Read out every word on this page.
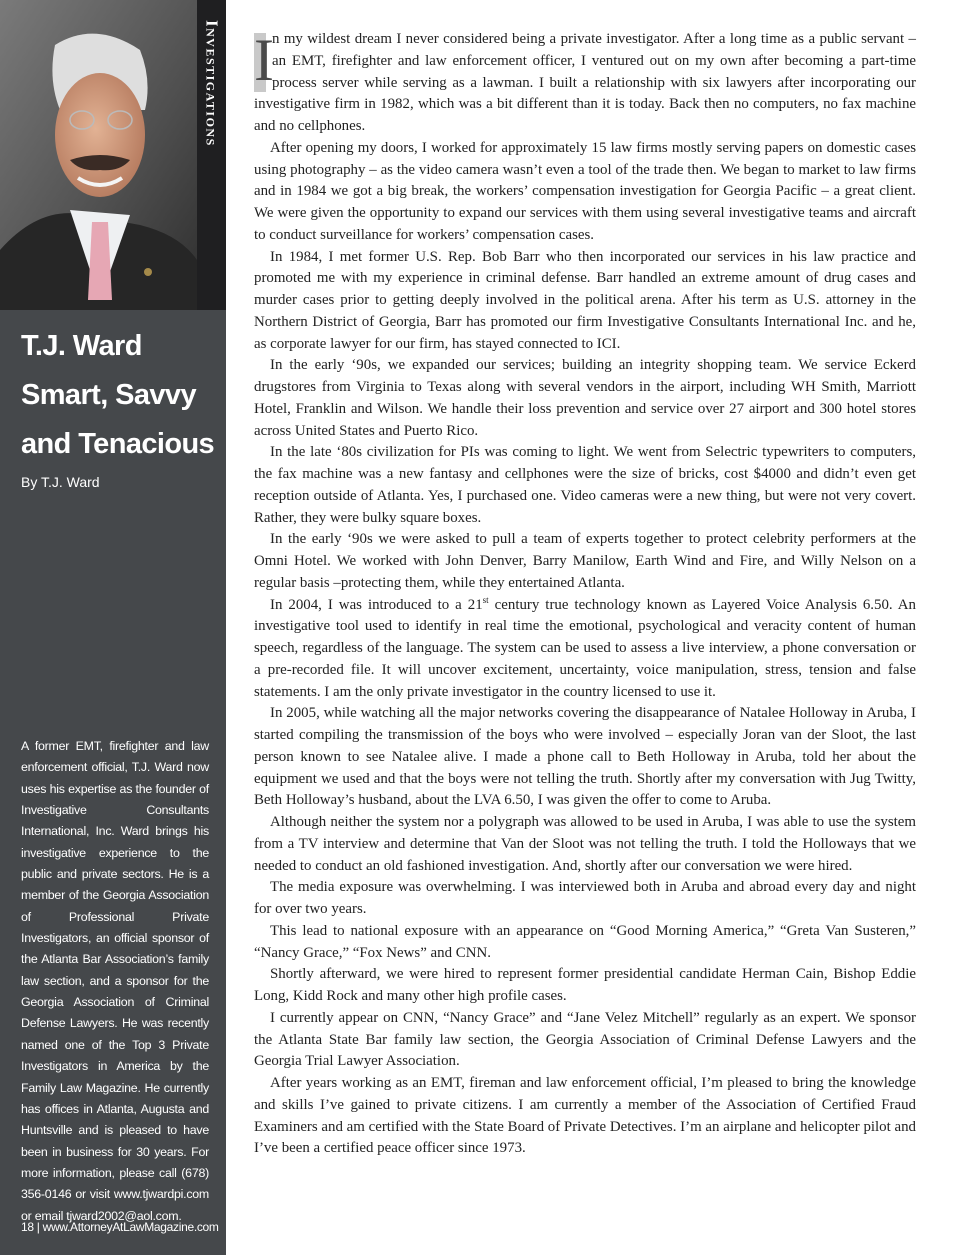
Investigations
T.J. Ward Smart, Savvy and Tenacious
By T.J. Ward

A former EMT, firefighter and law enforcement official, T.J. Ward now uses his expertise as the founder of Investigative Consultants International, Inc. Ward brings his investigative experience to the public and private sectors. He is a member of the Georgia Association of Professional Private Investigators, an official sponsor of the Atlanta Bar Association’s family law section, and a sponsor for the Georgia Association of Criminal Defense Lawyers. He was recently named one of the Top 3 Private Investigators in America by the Family Law Magazine. He currently has offices in Atlanta, Augusta and Huntsville and is pleased to have been in business for 30 years. For more information, please call (678) 356-0146 or visit www.tjwardpi.com or email tjward2002@aol.com.

18 | www.AttorneyAtLawMagazine.com

I
n my wildest dream I never considered being a private investigator. After a long time as a public servant – an EMT, firefighter and law enforcement officer, I ventured out on my own after becoming a part-time process server while serving as a lawman. I built a relationship with six lawyers after incorporating our investigative firm in 1982, which was a bit different than it is today. Back then no computers, no fax machine and no cellphones.

After opening my doors, I worked for approximately 15 law firms mostly serving papers on domestic cases using photography – as the video camera wasn’t even a tool of the trade then. We began to market to law firms and in 1984 we got a big break, the workers’ compensation investigation for Georgia Pacific – a great client. We were given the opportunity to expand our services with them using several investigative teams and aircraft to conduct surveillance for workers’ compensation cases.

In 1984, I met former U.S. Rep. Bob Barr who then incorporated our services in his law practice and promoted me with my experience in criminal defense. Barr handled an extreme amount of drug cases and murder cases prior to getting deeply involved in the political arena. After his term as U.S. attorney in the Northern District of Georgia, Barr has promoted our firm Investigative Consultants International Inc. and he, as corporate lawyer for our firm, has stayed connected to ICI.

In the early ‘90s, we expanded our services; building an integrity shopping team. We service Eckerd drugstores from Virginia to Texas along with several vendors in the airport, including WH Smith, Marriott Hotel, Franklin and Wilson. We handle their loss prevention and service over 27 airport and 300 hotel stores across United States and Puerto Rico.

In the late ‘80s civilization for PIs was coming to light. We went from Selectric typewriters to computers, the fax machine was a new fantasy and cellphones were the size of bricks, cost $4000 and didn’t even get reception outside of Atlanta. Yes, I purchased one. Video cameras were a new thing, but were not very covert. Rather, they were bulky square boxes.

In the early ‘90s we were asked to pull a team of experts together to protect celebrity performers at the Omni Hotel. We worked with John Denver, Barry Manilow, Earth Wind and Fire, and Willy Nelson on a regular basis –protecting them, while they entertained Atlanta.

In 2004, I was introduced to a 21st century true technology known as Layered Voice Analysis 6.50. An investigative tool used to identify in real time the emotional, psychological and veracity content of human speech, regardless of the language. The system can be used to assess a live interview, a phone conversation or a pre-recorded file. It will uncover excitement, uncertainty, voice manipulation, stress, tension and false statements. I am the only private investigator in the country licensed to use it.

In 2005, while watching all the major networks covering the disappearance of Natalee Holloway in Aruba, I started compiling the transmission of the boys who were involved – especially Joran van der Sloot, the last person known to see Natalee alive. I made a phone call to Beth Holloway in Aruba, told her about the equipment we used and that the boys were not telling the truth. Shortly after my conversation with Jug Twitty, Beth Holloway’s husband, about the LVA 6.50, I was given the offer to come to Aruba.

Although neither the system nor a polygraph was allowed to be used in Aruba, I was able to use the system from a TV interview and determine that Van der Sloot was not telling the truth. I told the Holloways that we needed to conduct an old fashioned investigation. And, shortly after our conversation we were hired.

The media exposure was overwhelming. I was interviewed both in Aruba and abroad every day and night for over two years.

This lead to national exposure with an appearance on “Good Morning America,” “Greta Van Susteren,” “Nancy Grace,” “Fox News” and CNN.

Shortly afterward, we were hired to represent former presidential candidate Herman Cain, Bishop Eddie Long, Kidd Rock and many other high profile cases.

I currently appear on CNN, “Nancy Grace” and “Jane Velez Mitchell” regularly as an expert. We sponsor the Atlanta State Bar family law section, the Georgia Association of Criminal Defense Lawyers and the Georgia Trial Lawyer Association.

After years working as an EMT, fireman and law enforcement official, I’m pleased to bring the knowledge and skills I’ve gained to private citizens. I am currently a member of the Association of Certified Fraud Examiners and am certified with the State Board of Private Detectives. I’m an airplane and helicopter pilot and I’ve been a certified peace officer since 1973.
